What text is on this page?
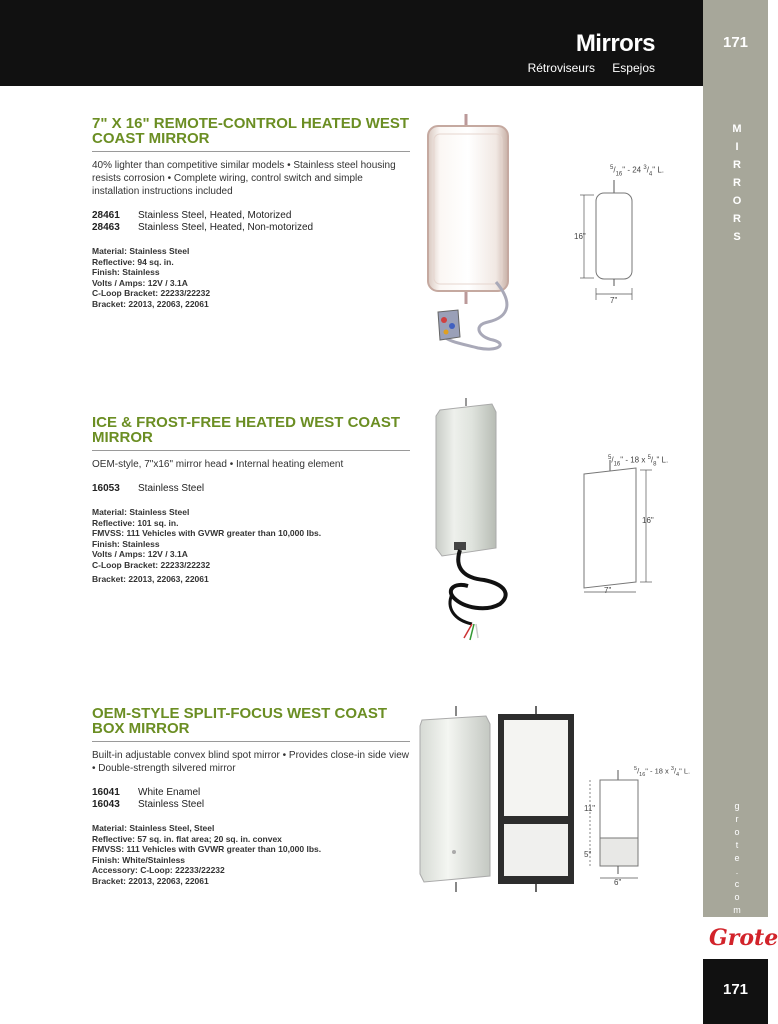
Mirrors
Rétroviseurs Espejos
171
M
I
R
R
O
R
S
g
r
o
t
e
.
c
o
m
Grote
171
7" X 16" REMOTE-CONTROL HEATED WEST COAST MIRROR

40% lighter than competitive similar models • Stainless steel housing resists corrosion • Complete wiring, control switch and simple installation instructions included

28461	Stainless Steel, Heated, Motorized
28463	Stainless Steel, Heated, Non-motorized
Material: Stainless Steel
Reflective: 94 sq. in.
Finish: Stainless
Volts / Amps: 12V / 3.1A
C-Loop Bracket: 22233/22232
Bracket: 22013, 22063, 22061
$^5/_{16}$" - 24 $^3/_4$" L.
16"
7"
ICE & FROST-FREE HEATED WEST COAST MIRROR

OEM-style, 7"x16" mirror head • Internal heating element

16053	Stainless Steel
Material: Stainless Steel
Reflective: 101 sq. in.
FMVSS: 111 Vehicles with GVWR greater than 10,000 lbs.
Finish: Stainless
Volts / Amps: 12V / 3.1A
C-Loop Bracket: 22233/22232
Bracket: 22013, 22063, 22061
$^5/_{16}$" - 18 x $^5/_8$" L.
16"
7"
OEM-STYLE SPLIT-FOCUS WEST COAST BOX MIRROR

Built-in adjustable convex blind spot mirror • Provides close-in side view • Double-strength silvered mirror

16041	White Enamel
16043	Stainless Steel
Material: Stainless Steel, Steel
Reflective: 57 sq. in. flat area; 20 sq. in. convex
FMVSS: 111 Vehicles with GVWR greater than 10,000 lbs.
Finish: White/Stainless
Accessory: C-Loop: 22233/22232
Bracket: 22013, 22063, 22061
$^5/_{16}$" - 18 x $^3/_4$" L.
11"
5"
6"
